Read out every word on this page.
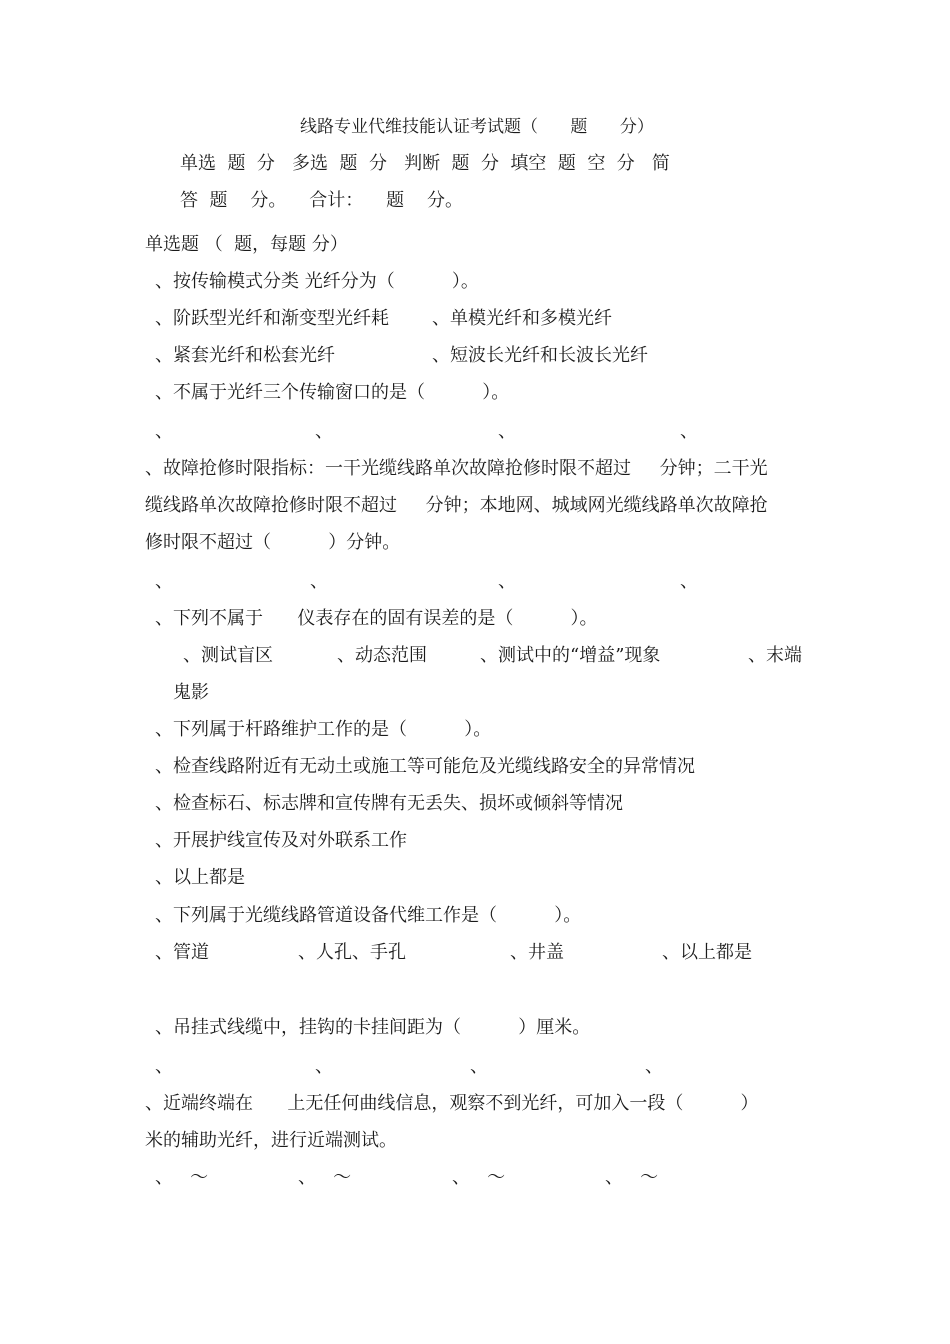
线路专业代维技能认证考试题（      题      分）
单选  题  分   多选  题  分   判断  题  分  填空  题  空  分   简
答  题    分。    合计：    题    分。
单选题 （  题，每题 分）
、按传输模式分类 光纤分为（          ）。
、阶跃型光纤和渐变型光纤耗 、单模光纤和多模光纤
、紧套光纤和松套光纤	、短波长光纤和长波长光纤
、不属于光纤三个传输窗口的是（          ）。
、	、	、	、
、故障抢修时限指标：一干光缆线路单次故障抢修时限不超过     分钟；二干光
缆线路单次故障抢修时限不超过     分钟；本地网、城域网光缆线路单次故障抢
修时限不超过（          ）分钟。
、	、	、	、
、下列不属于      仪表存在的固有误差的是（          ）。
、测试盲区	、动态范围	、测试中的“增益”现象	、末端
鬼影
、下列属于杆路维护工作的是（          ）。
、检查线路附近有无动土或施工等可能危及光缆线路安全的异常情况
、检查标石、标志牌和宣传牌有无丢失、损坏或倾斜等情况
、开展护线宣传及对外联系工作
、以上都是
、下列属于光缆线路管道设备代维工作是（          ）。
、管道	、人孔、手孔	、井盖	、以上都是
、吊挂式线缆中，挂钩的卡挂间距为（          ）厘米。
、	、	、	、
、近端终端在      上无任何曲线信息，观察不到光纤，可加入一段（          ）
米的辅助光纤，进行近端测试。
、   ～	、   ～	、   ～	、   ～
